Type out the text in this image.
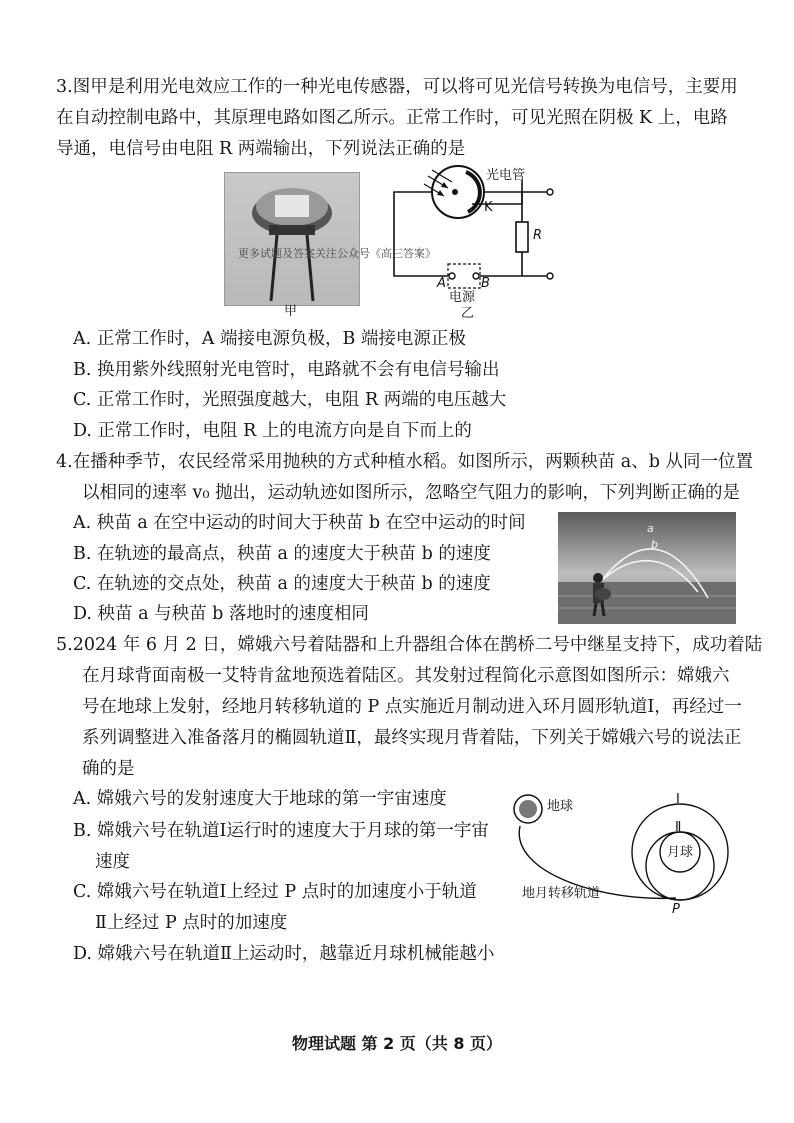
3.图甲是利用光电效应工作的一种光电传感器，可以将可见光信号转换为电信号，主要用
在自动控制电路中，其原理电路如图乙所示。正常工作时，可见光照在阴极 K 上，电路
导通，电信号由电阻 R 两端输出，下列说法正确的是
更多试题及答案关注公众号《高三答案》
甲
光电管
K
R
A	B
电源
乙
A. 正常工作时，A 端接电源负极，B 端接电源正极
B. 换用紫外线照射光电管时，电路就不会有电信号输出
C. 正常工作时，光照强度越大，电阻 R 两端的电压越大
D. 正常工作时，电阻 R 上的电流方向是自下而上的
4.在播种季节，农民经常采用抛秧的方式种植水稻。如图所示，两颗秧苗 a、b 从同一位置
以相同的速率 v₀ 抛出，运动轨迹如图所示，忽略空气阻力的影响，下列判断正确的是
A. 秧苗 a 在空中运动的时间大于秧苗 b 在空中运动的时间
B. 在轨迹的最高点，秧苗 a 的速度大于秧苗 b 的速度
C. 在轨迹的交点处，秧苗 a 的速度大于秧苗 b 的速度
D. 秧苗 a 与秧苗 b 落地时的速度相同
a
b
5.2024 年 6 月 2 日，嫦娥六号着陆器和上升器组合体在鹊桥二号中继星支持下，成功着陆
在月球背面南极一艾特肯盆地预选着陆区。其发射过程简化示意图如图所示：嫦娥六
号在地球上发射，经地月转移轨道的 P 点实施近月制动进入环月圆形轨道Ⅰ，再经过一
系列调整进入准备落月的椭圆轨道Ⅱ，最终实现月背着陆，下列关于嫦娥六号的说法正
确的是
A. 嫦娥六号的发射速度大于地球的第一宇宙速度
B. 嫦娥六号在轨道Ⅰ运行时的速度大于月球的第一宇宙
速度
C. 嫦娥六号在轨道Ⅰ上经过 P 点时的加速度小于轨道
Ⅱ上经过 P 点时的加速度
D. 嫦娥六号在轨道Ⅱ上运动时，越靠近月球机械能越小
地球
月球
Ⅰ
Ⅱ
P
地月转移轨道
物理试题 第 2 页（共 8 页）
